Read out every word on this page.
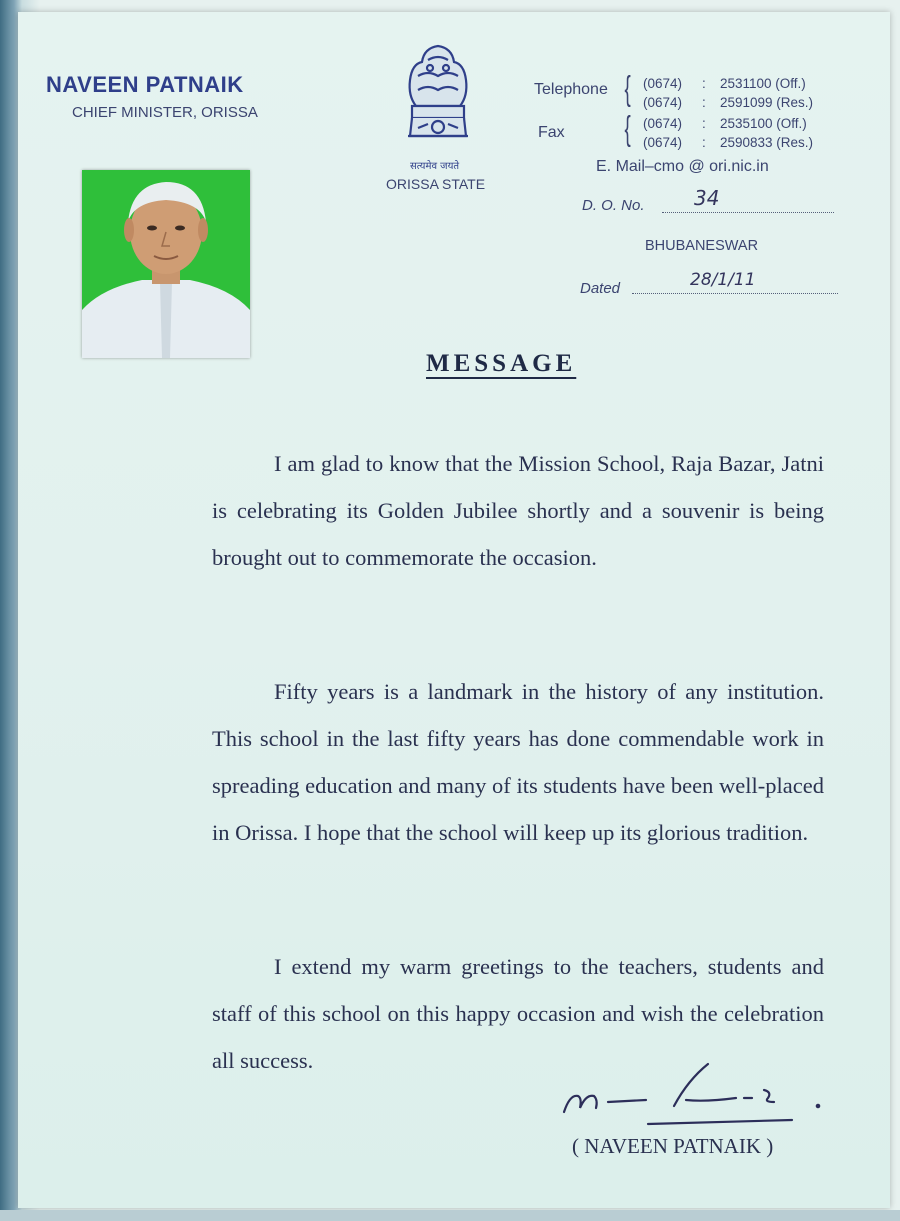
NAVEEN PATNAIK
CHIEF MINISTER, ORISSA
सत्यमेव जयते
ORISSA STATE
Telephone { (0674) : 2531100 (Off.)
(0674) : 2591099 (Res.)
Fax { (0674) : 2535100 (Off.)
(0674) : 2590833 (Res.)
E. Mail–cmo @ ori.nic.in
D. O. No. 34
BHUBANESWAR
Dated	28/1/11
MESSAGE
I am glad to know that the Mission School, Raja Bazar, Jatni is celebrating its Golden Jubilee shortly and a souvenir is being brought out to commemorate the occasion.
Fifty years is a landmark in the history of any institution. This school in the last fifty years has done commendable work in spreading education and many of its students have been well-placed in Orissa. I hope that the school will keep up its glorious tradition.
I extend my warm greetings to the teachers, students and staff of this school on this happy occasion and wish the celebration all success.
( NAVEEN PATNAIK )
